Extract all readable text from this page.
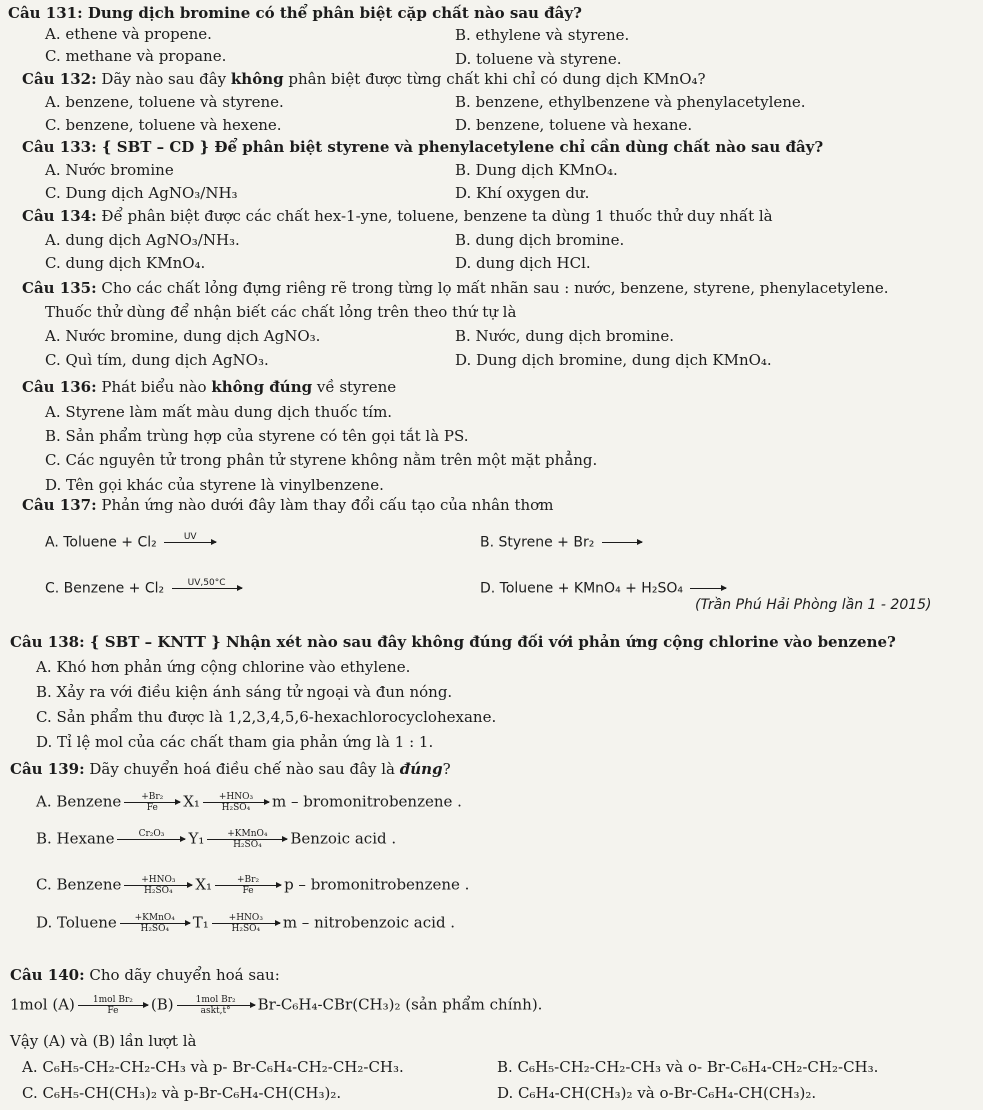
Câu 131: Dung dịch bromine có thể phân biệt cặp chất nào sau đây?
A. ethene và propene.	B. ethylene và styrene.
C. methane và propane.	D. toluene và styrene.
Câu 132: Dãy nào sau đây không phân biệt được từng chất khi chỉ có dung dịch KMnO₄?
A. benzene, toluene và styrene.	B. benzene, ethylbenzene và phenylacetylene.
C. benzene, toluene và hexene.	D. benzene, toluene và hexane.
Câu 133: { SBT – CD } Để phân biệt styrene và phenylacetylene chỉ cần dùng chất nào sau đây?
A. Nước bromine	B. Dung dịch KMnO₄.
C. Dung dịch AgNO₃/NH₃	D. Khí oxygen dư.
Câu 134: Để phân biệt được các chất hex-1-yne, toluene, benzene ta dùng 1 thuốc thử duy nhất là
A. dung dịch AgNO₃/NH₃.	B. dung dịch bromine.
C. dung dịch KMnO₄.	D. dung dịch HCl.
Câu 135: Cho các chất lỏng đựng riêng rẽ trong từng lọ mất nhãn sau : nước, benzene, styrene, phenylacetylene.
Thuốc thử dùng để nhận biết các chất lỏng trên theo thứ tự là
A. Nước bromine, dung dịch AgNO₃.	B. Nước, dung dịch bromine.
C. Quì tím, dung dịch AgNO₃.	D. Dung dịch bromine, dung dịch KMnO₄.
Câu 136: Phát biểu nào không đúng về styrene
A. Styrene làm mất màu dung dịch thuốc tím.
B. Sản phẩm trùng hợp của styrene có tên gọi tắt là PS.
C. Các nguyên tử trong phân tử styrene không nằm trên một mặt phẳng.
D. Tên gọi khác của styrene là vinylbenzene.
Câu 137: Phản ứng nào dưới đây làm thay đổi cấu tạo của nhân thơm
A. Toluene + Cl₂	UV
	B. Styrene + Br₂

→
C. Benzene + Cl₂	UV,50°C
	D. Toluene + KMnO₄ + H₂SO₄

→
(Trần Phú Hải Phòng lần 1 - 2015)
Câu 138: { SBT – KNTT } Nhận xét nào sau đây không đúng đối với phản ứng cộng chlorine vào benzene?
A. Khó hơn phản ứng cộng chlorine vào ethylene.
B. Xảy ra với điều kiện ánh sáng tử ngoại và đun nóng.
C. Sản phẩm thu được là 1,2,3,4,5,6-hexachlorocyclohexane.
D. Tỉ lệ mol của các chất tham gia phản ứng là 1 : 1.
Câu 139: Dãy chuyển hoá điều chế nào sau đây là đúng?
A. Benzene $\frac{\text{+Br₂}}{Fe} X_1$	+HNO₃
H₂SO₄	m – bromonitrobenzene .
B. Hexane	Cr₂O₃
	Y₁	+KMnO₄
H₂SO₄	Benzoic acid .
C. Benzene	+HNO₃
H₂SO₄	$X_1 \frac{\text{+Br₂}}{Fe}$ p – bromonitrobenzene .
D. Toluene	+KMnO₄
H₂SO₄	T₁	+HNO₃
H₂SO₄	m – nitrobenzoic acid .
Câu 140: Cho dãy chuyển hoá sau:
1mol (A)	1mol Br₂
Fe	(B)	1mol Br₂
askt,t°	Br-C₆H₄-CBr(CH₃)₂ (sản phẩm chính).
Vậy (A) và (B) lần lượt là
A. C₆H₅-CH₂-CH₂-CH₃ và p- Br-C₆H₄-CH₂-CH₂-CH₃.	B. C₆H₅-CH₂-CH₂-CH₃ và o- Br-C₆H₄-CH₂-CH₂-CH₃.
C. C₆H₅-CH(CH₃)₂ và p-Br-C₆H₄-CH(CH₃)₂.	D. C₆H₄-CH(CH₃)₂ và o-Br-C₆H₄-CH(CH₃)₂.
